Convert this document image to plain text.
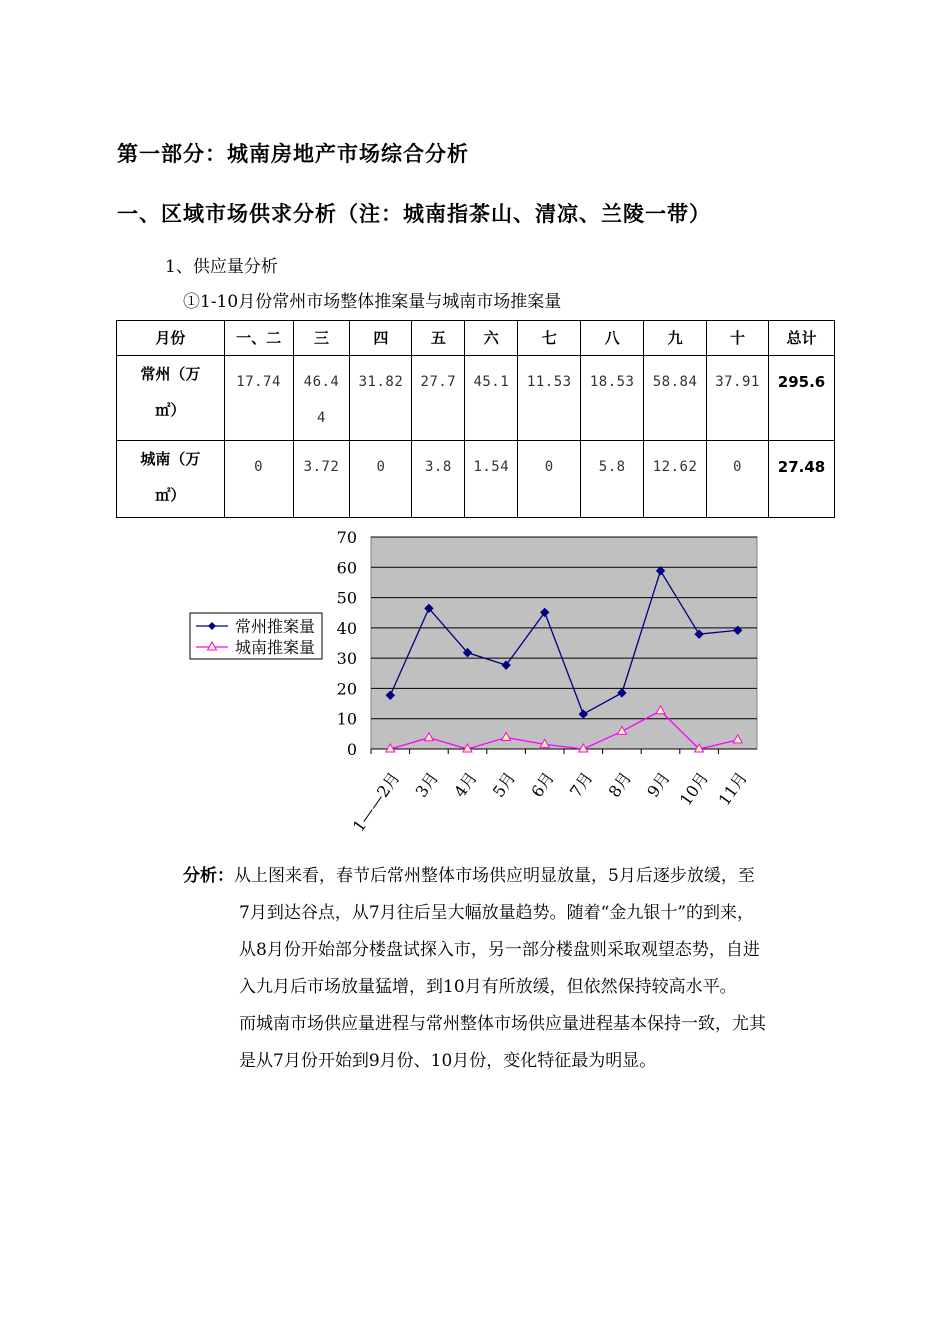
第一部分：城南房地产市场综合分析
一、区域市场供求分析（注：城南指茶山、清凉、兰陵一带）
1、供应量分析
①1-10月份常州市场整体推案量与城南市场推案量
月份	一、二	三	四	五	六	七	八	九	十	总计
常州（万
㎡）	17.74	46.4
4	31.82	27.7	45.1	11.53	18.53	58.84	37.91	295.6
城南（万
㎡）	0	3.72	0	3.8	1.54	0	5.8	12.62	0	27.48
0
10
20
30
40
50
60
70
1——2月 3月 4月 5月 6月 7月 8月 9月 10月 11月
常州推案量
城南推案量

分析：从上图来看，春节后常州整体市场供应明显放量，5月后逐步放缓，至

7月到达谷点，从7月往后呈大幅放量趋势。随着“金九银十”的到来，

从8月份开始部分楼盘试探入市，另一部分楼盘则采取观望态势，自进

入九月后市场放量猛增，到10月有所放缓，但依然保持较高水平。

而城南市场供应量进程与常州整体市场供应量进程基本保持一致，尤其

是从7月份开始到9月份、10月份，变化特征最为明显。
